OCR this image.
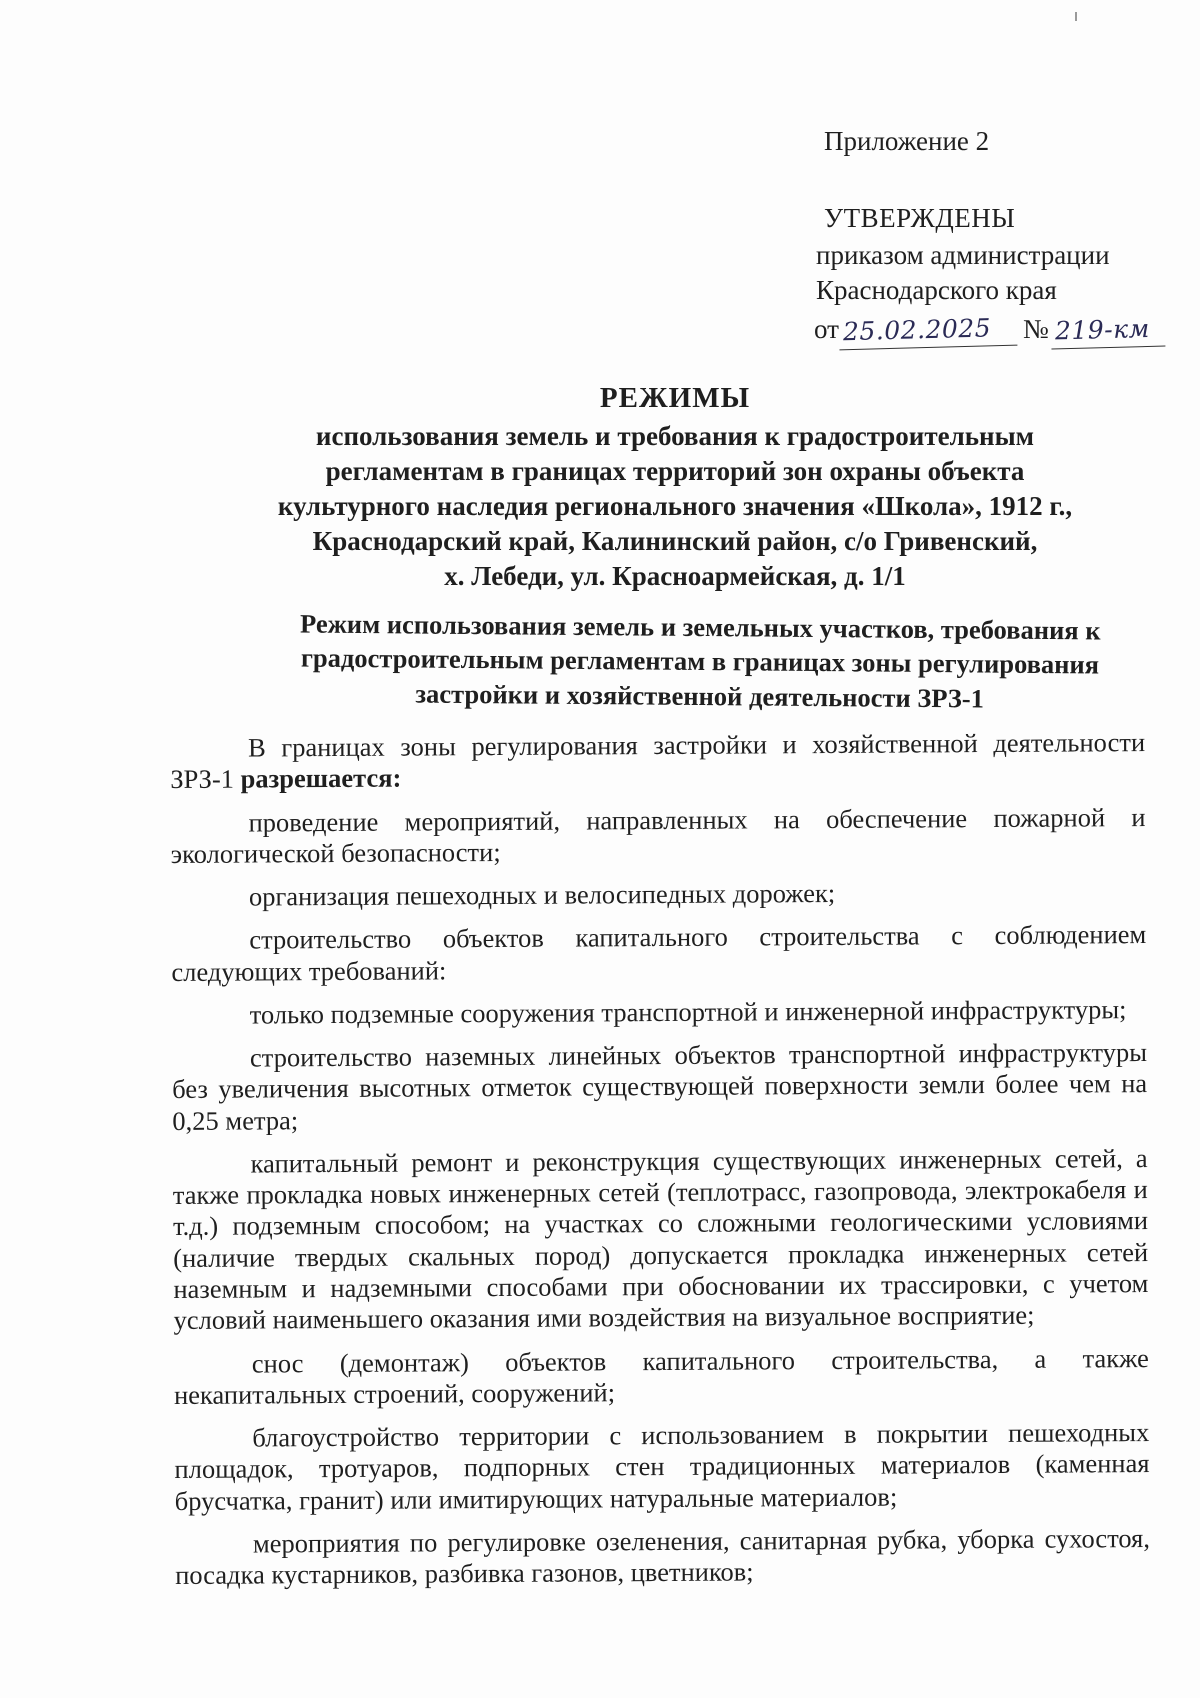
Приложение 2
УТВЕРЖДЕНЫ
приказом администрации
Краснодарского края
от 25.02.2025	№ 219-км
РЕЖИМЫ
использования земель и требования к градостроительным
регламентам в границах территорий зон охраны объекта
культурного наследия регионального значения «Школа», 1912 г.,
Краснодарский край, Калининский район, с/о Гривенский,
х. Лебеди, ул. Красноармейская, д. 1/1
Режим использования земель и земельных участков, требования к
градостроительным регламентам в границах зоны регулирования
застройки и хозяйственной деятельности ЗРЗ-1

В границах зоны регулирования застройки и хозяйственной деятельности ЗРЗ-1 разрешается:

проведение мероприятий, направленных на обеспечение пожарной и экологической безопасности;

организация пешеходных и велосипедных дорожек;

строительство объектов капитального строительства с соблюдением следующих требований:

только подземные сооружения транспортной и инженерной инфраструктуры;

строительство наземных линейных объектов транспортной инфраструктуры без увеличения высотных отметок существующей поверхности земли более чем на 0,25 метра;

капитальный ремонт и реконструкция существующих инженерных сетей, а также прокладка новых инженерных сетей (теплотрасс, газопровода, электрокабеля и т.д.) подземным способом; на участках со сложными геологическими условиями (наличие твердых скальных пород) допускается прокладка инженерных сетей наземным и надземными способами при обосновании их трассировки, с учетом условий наименьшего оказания ими воздействия на визуальное восприятие;

снос (демонтаж) объектов капитального строительства, а также некапитальных строений, сооружений;

благоустройство территории с использованием в покрытии пешеходных площадок, тротуаров, подпорных стен традиционных материалов (каменная брусчатка, гранит) или имитирующих натуральные материалов;

мероприятия по регулировке озеленения, санитарная рубка, уборка сухостоя, посадка кустарников, разбивка газонов, цветников;
